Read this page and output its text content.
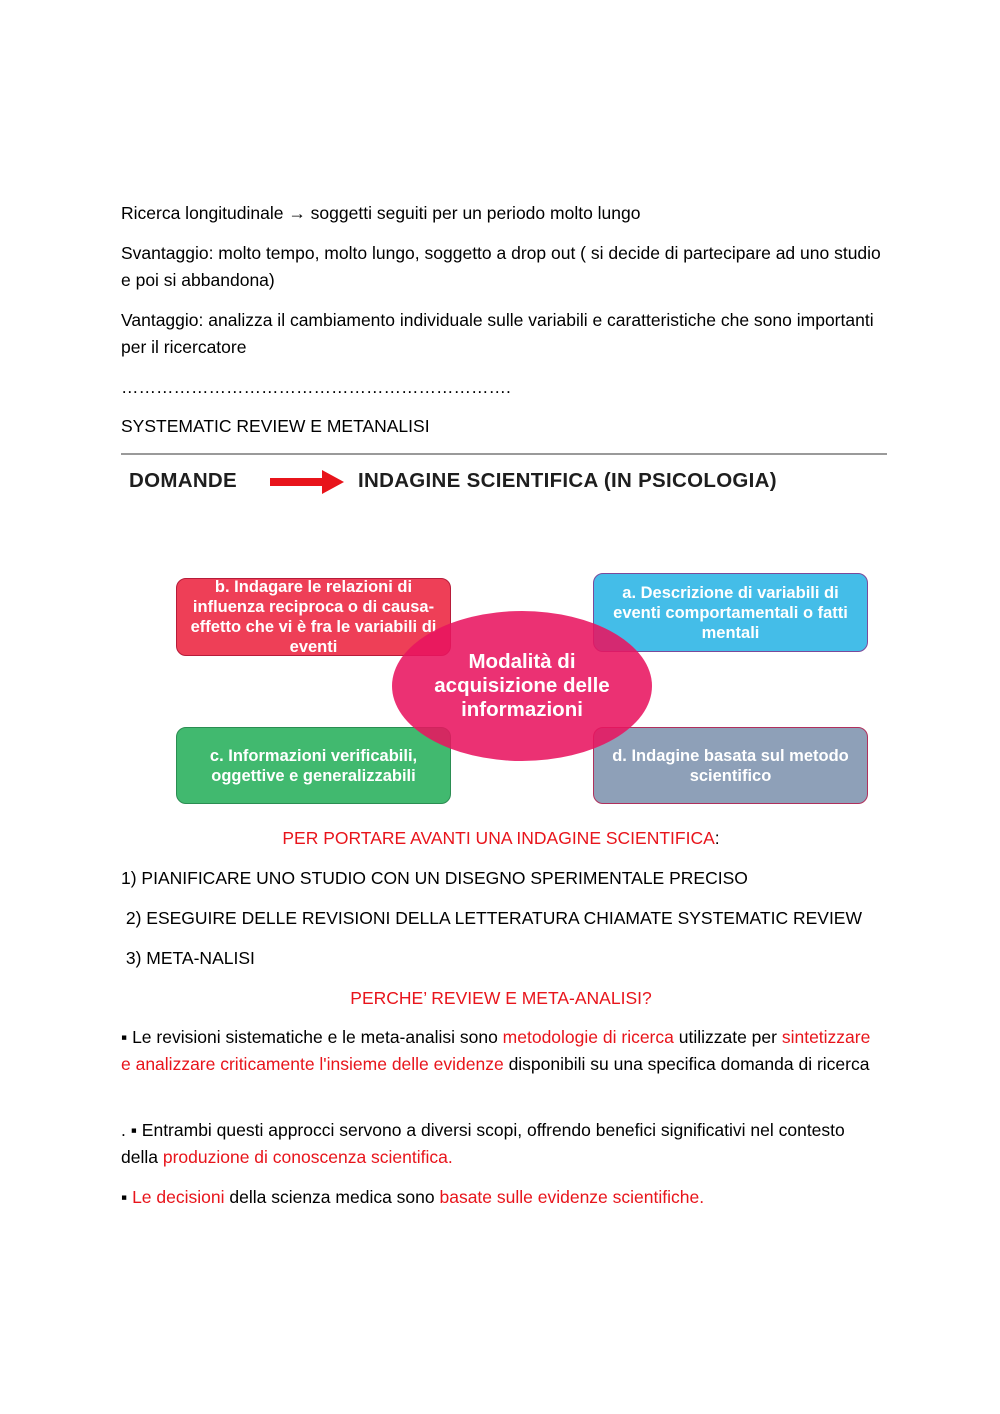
Ricerca longitudinale → soggetti seguiti per un periodo molto lungo

Svantaggio: molto tempo, molto lungo, soggetto a drop out ( si decide di partecipare ad uno studio e poi si abbandona)

Vantaggio: analizza il cambiamento individuale sulle variabili e caratteristiche che sono importanti per il ricercatore

………………………………………………………….

SYSTEMATIC REVIEW E METANALISI

DOMANDE	INDAGINE SCIENTIFICA (IN PSICOLOGIA)
b. Indagare le relazioni di influenza reciproca o di causa-effetto che vi è fra le variabili di eventi
a. Descrizione di variabili di eventi comportamentali o fatti mentali
c. Informazioni verificabili, oggettive e generalizzabili
d. Indagine basata sul metodo scientifico
Modalità di acquisizione delle informazioni

PER PORTARE AVANTI UNA INDAGINE SCIENTIFICA:

1) PIANIFICARE UNO STUDIO CON UN DISEGNO SPERIMENTALE PRECISO

2) ESEGUIRE DELLE REVISIONI DELLA LETTERATURA CHIAMATE SYSTEMATIC REVIEW

3) META-NALISI

PERCHE’ REVIEW E META-ANALISI?

▪ Le revisioni sistematiche e le meta-analisi sono metodologie di ricerca utilizzate per sintetizzare e analizzare criticamente l'insieme delle evidenze disponibili su una specifica domanda di ricerca

. ▪ Entrambi questi approcci servono a diversi scopi, offrendo benefici significativi nel contesto della produzione di conoscenza scientifica.

▪ Le decisioni della scienza medica sono basate sulle evidenze scientifiche.
